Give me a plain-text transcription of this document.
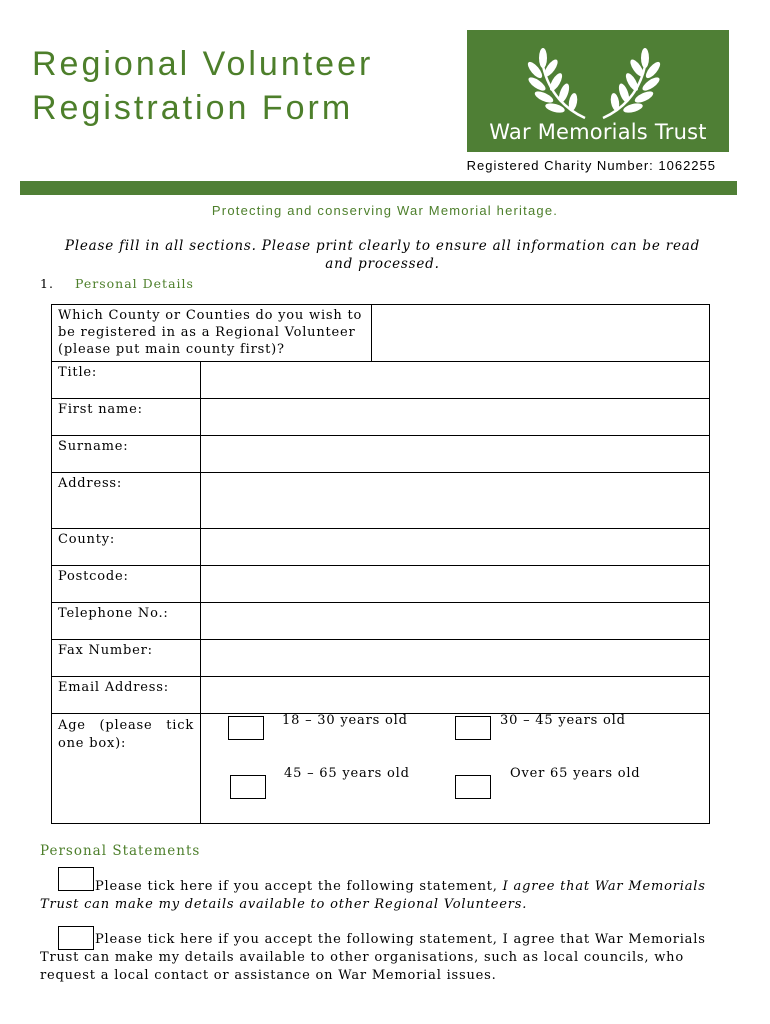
Regional Volunteer
Registration Form
War Memorials Trust
Registered Charity Number: 1062255
Protecting and conserving War Memorial heritage.
Please fill in all sections. Please print clearly to ensure all information can be read and processed.
1. Personal Details
Which County or Counties do you wish to be registered in as a Regional Volunteer (please put main county first)?		
Title:		
First name:		
Surname:		
Address:		
County:		
Postcode:		
Telephone No.:		
Fax Number:		
Email Address:		
Age (please tick one box):		
18 – 30 years old	30 – 45 years old
45 – 65 years old	Over 65 years old
Personal Statements
Please tick here if you accept the following statement, I agree that War Memorials Trust can make my details available to other Regional Volunteers.
Please tick here if you accept the following statement, I agree that War Memorials Trust can make my details available to other organisations, such as local councils, who request a local contact or assistance on War Memorial issues.
